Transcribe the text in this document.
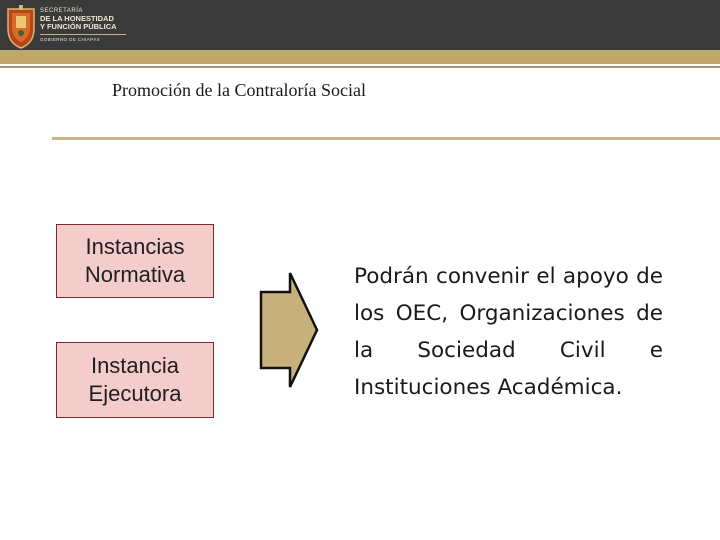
SECRETARÍA
DE LA HONESTIDAD
Y FUNCIÓN PÚBLICA
GOBIERNO DE CHIAPAS
Promoción de la Contraloría Social
Instancias
Normativa
Instancia
Ejecutora
Podrán convenir el apoyo de los OEC, Organizaciones de la Sociedad Civil e Instituciones Académica.
